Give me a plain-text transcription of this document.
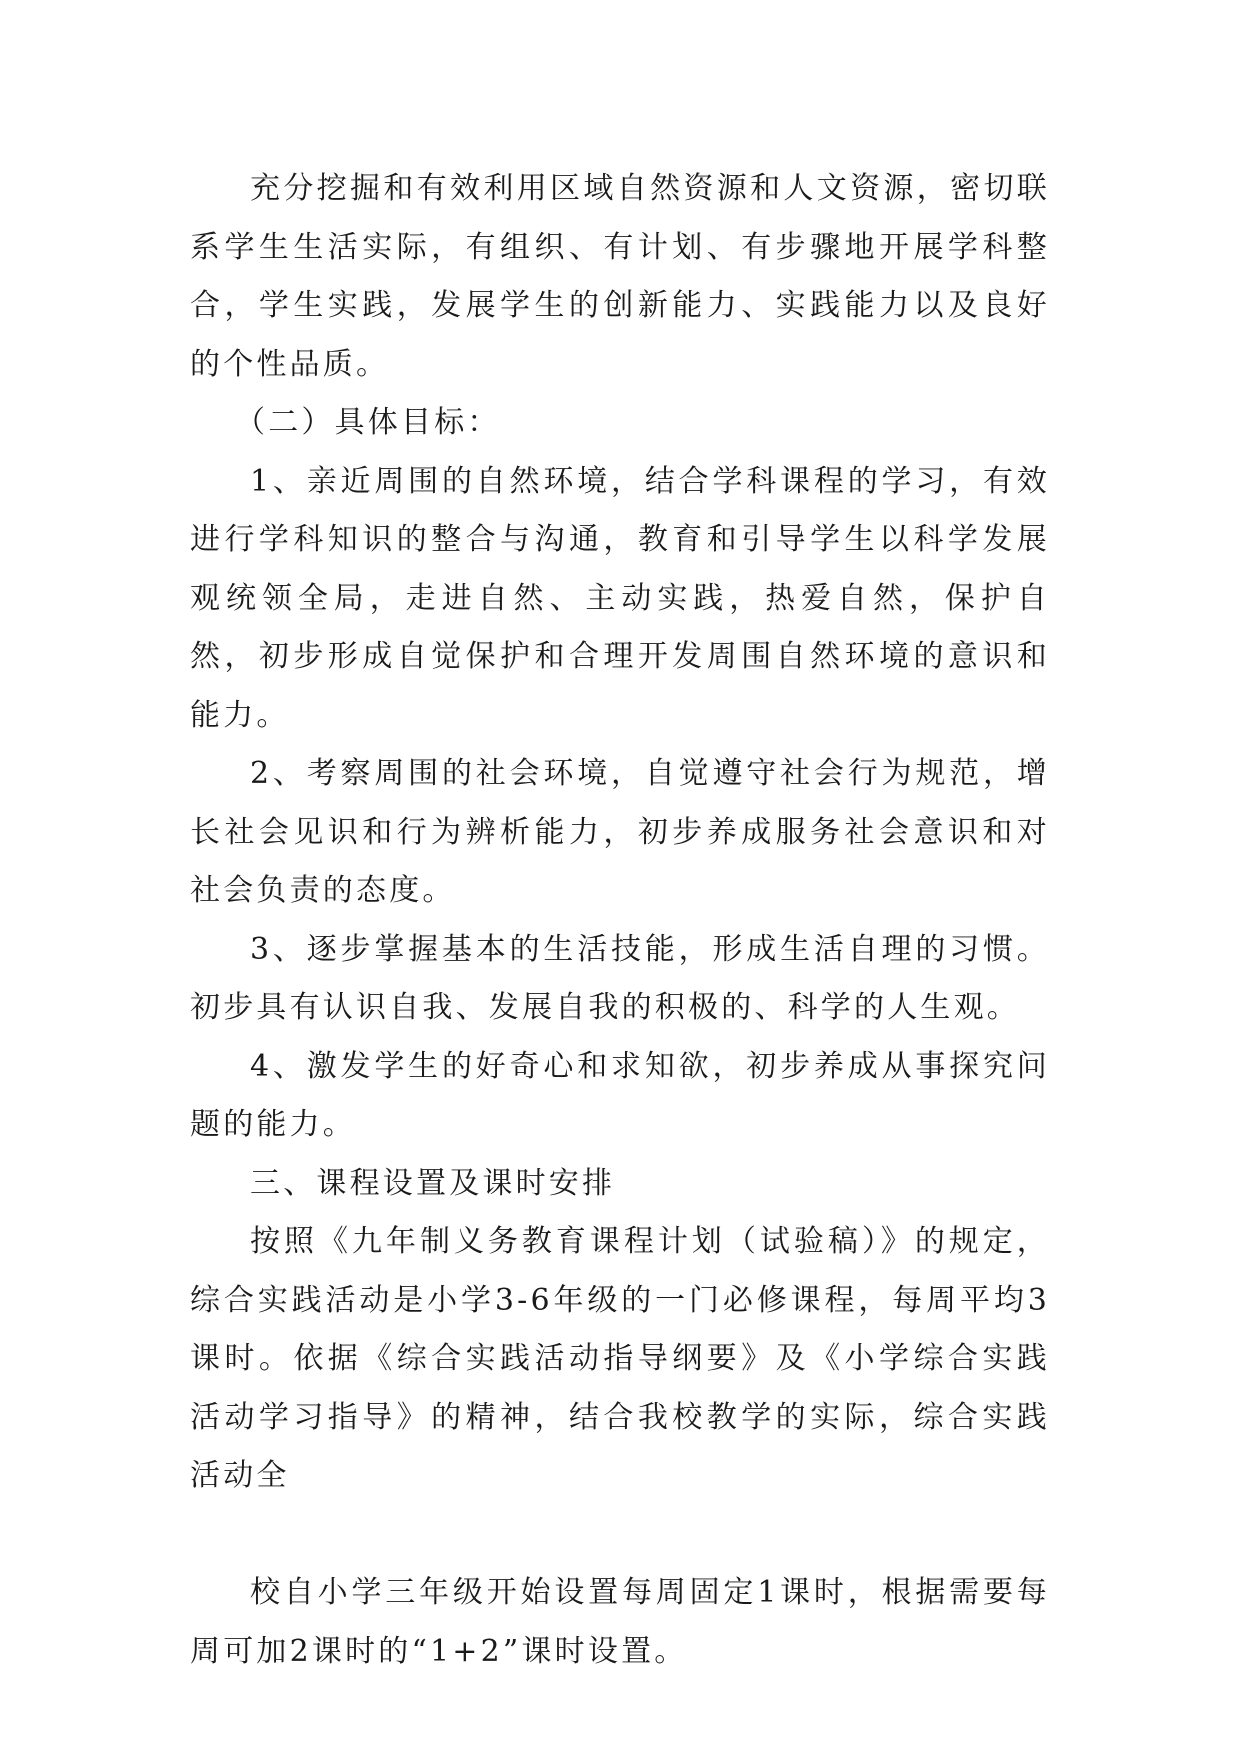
充分挖掘和有效利用区域自然资源和人文资源，密切联系学生生活实际，有组织、有计划、有步骤地开展学科整合，学生实践，发展学生的创新能力、实践能力以及良好的个性品质。

（二）具体目标：

1、亲近周围的自然环境，结合学科课程的学习，有效进行学科知识的整合与沟通，教育和引导学生以科学发展观统领全局，走进自然、主动实践，热爱自然，保护自然，初步形成自觉保护和合理开发周围自然环境的意识和能力。

2、考察周围的社会环境，自觉遵守社会行为规范，增长社会见识和行为辨析能力，初步养成服务社会意识和对社会负责的态度。

3、逐步掌握基本的生活技能，形成生活自理的习惯。初步具有认识自我、发展自我的积极的、科学的人生观。

4、激发学生的好奇心和求知欲，初步养成从事探究问题的能力。

三、课程设置及课时安排

按照《九年制义务教育课程计划（试验稿）》的规定，综合实践活动是小学3-6年级的一门必修课程，每周平均3课时。依据《综合实践活动指导纲要》及《小学综合实践活动学习指导》的精神，结合我校教学的实际，综合实践活动全

校自小学三年级开始设置每周固定1课时，根据需要每周可加2课时的“1+2”课时设置。
